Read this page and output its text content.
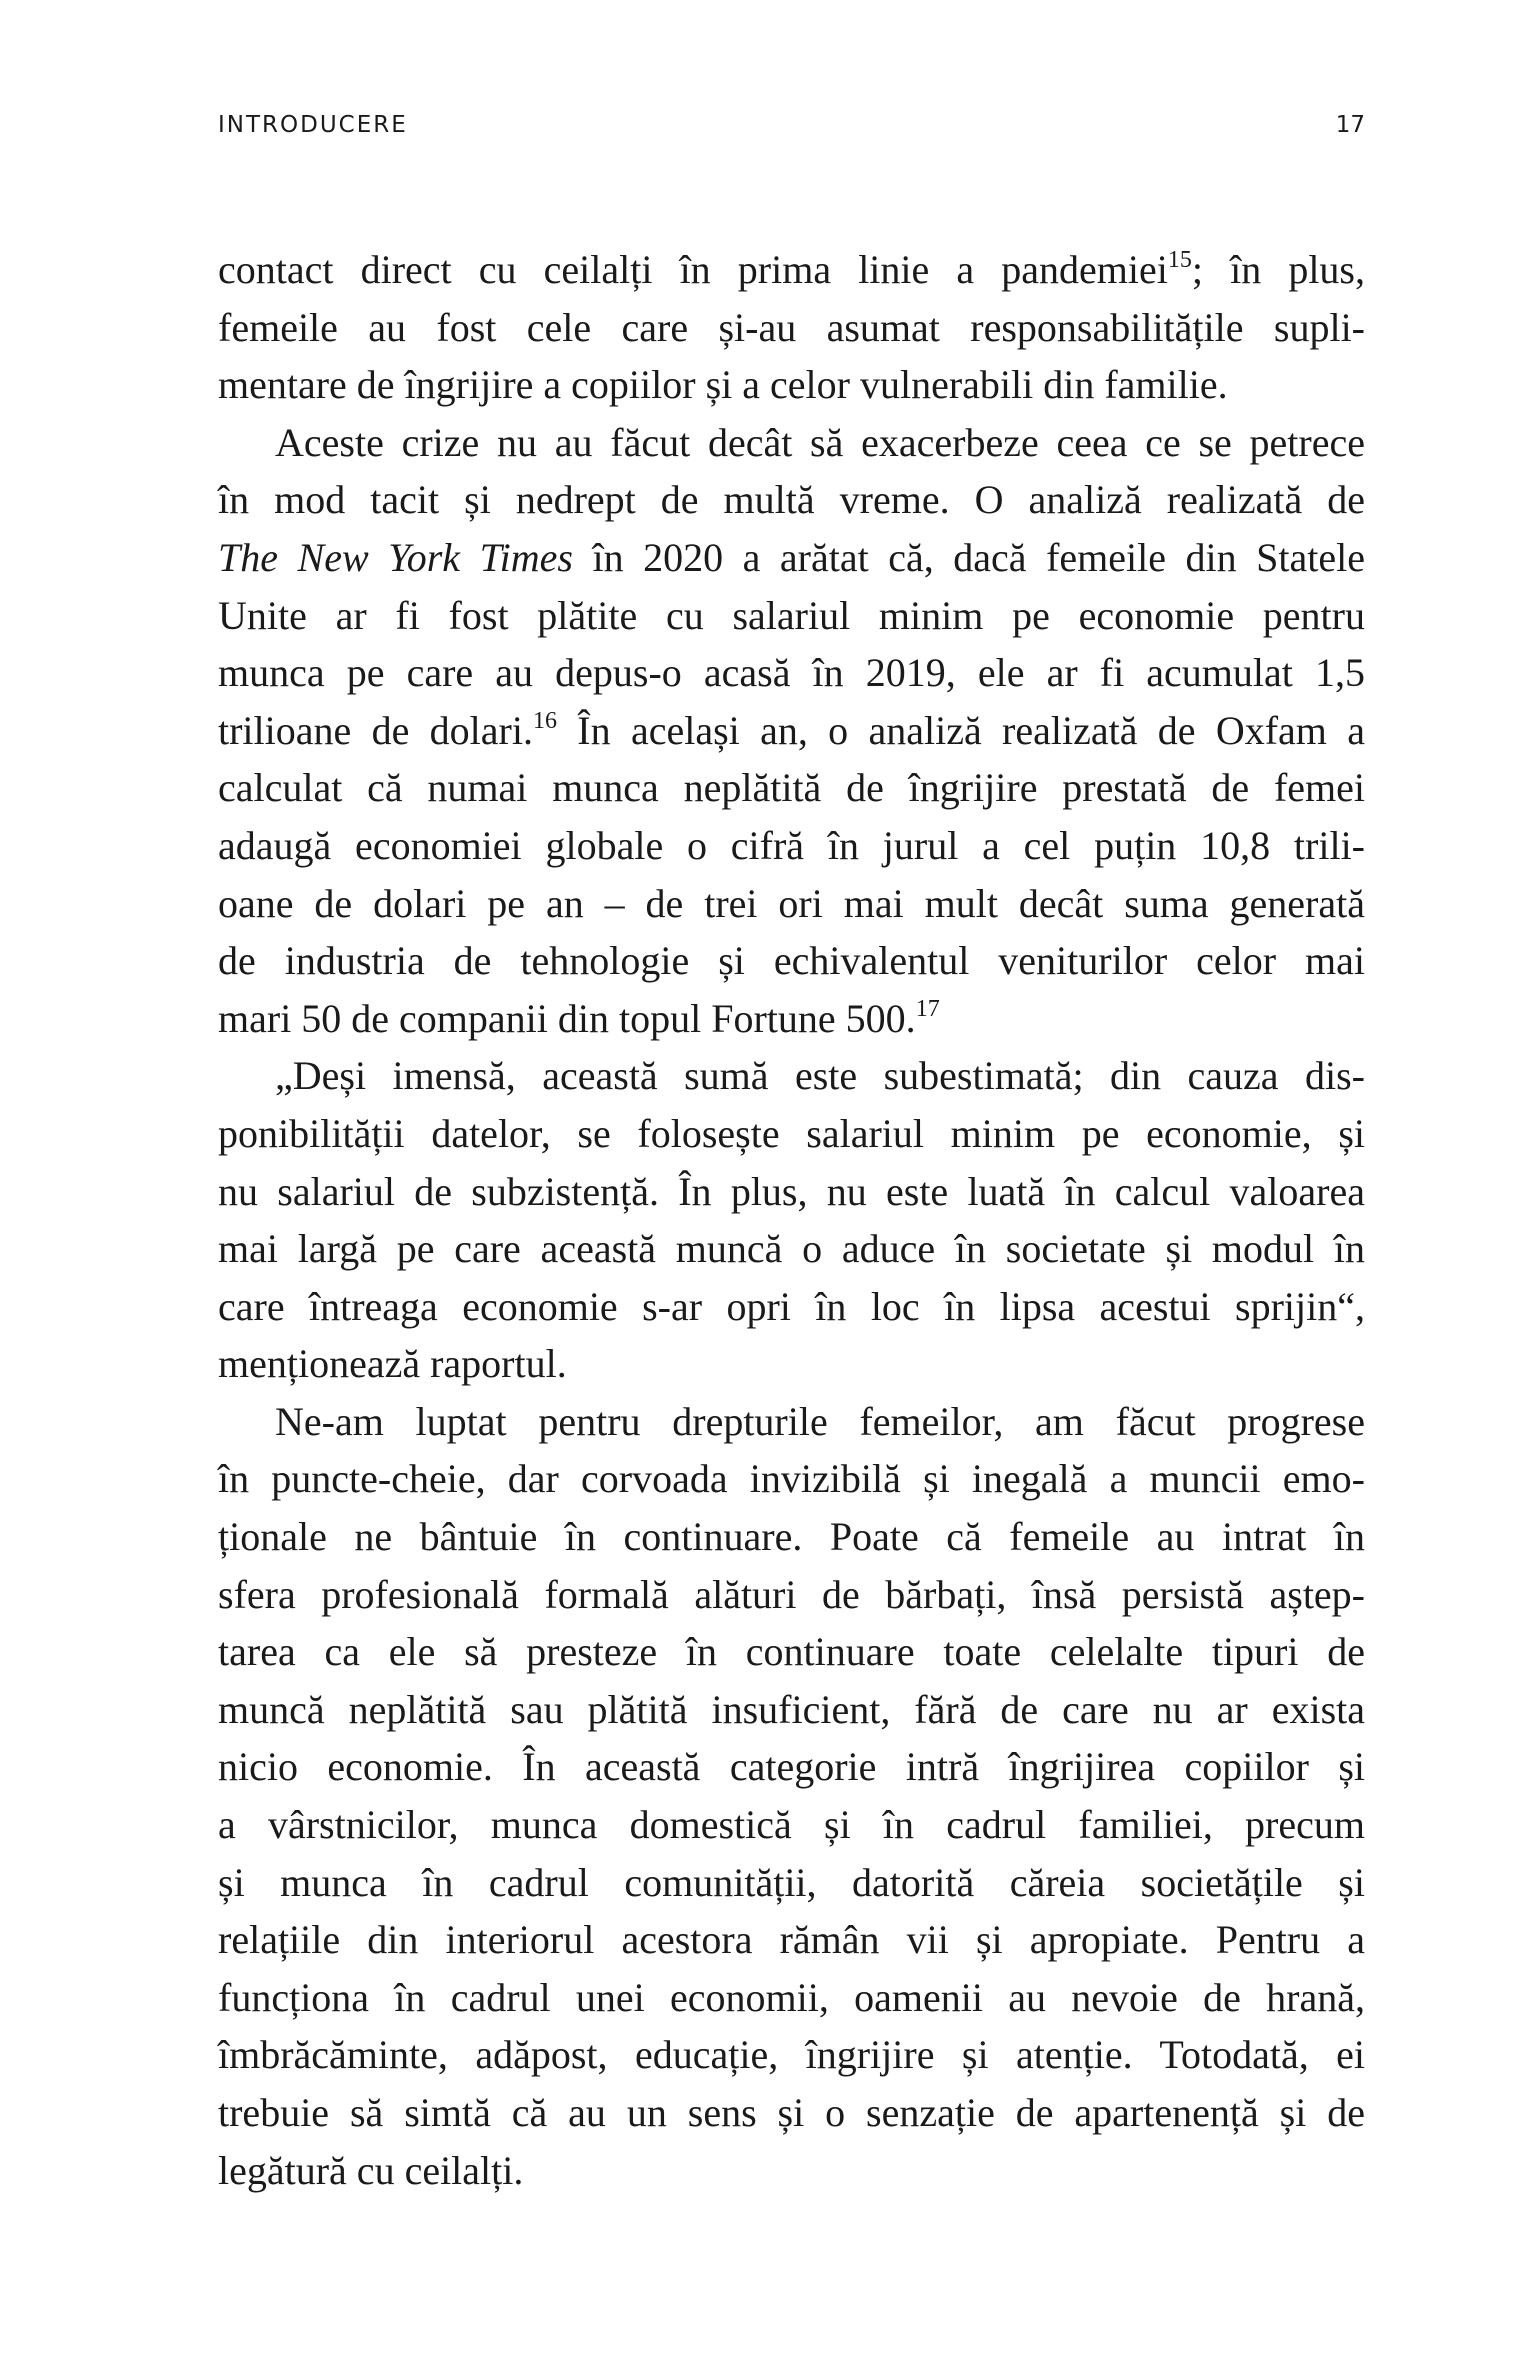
INTRODUCERE	17
contact direct cu ceilalți în prima linie a pandemiei$^{15}$; în plus,
femeile au fost cele care și-au asumat responsabilitățile supli-
mentare de îngrijire a copiilor și a celor vulnerabili din familie.
Aceste crize nu au făcut decât să exacerbeze ceea ce se petrece
în mod tacit și nedrept de multă vreme. O analiză realizată de
The New York Times în 2020 a arătat că, dacă femeile din Statele
Unite ar fi fost plătite cu salariul minim pe economie pentru
munca pe care au depus-o acasă în 2019, ele ar fi acumulat 1,5
trilioane de dolari.$^{16}$ În același an, o analiză realizată de Oxfam a
calculat că numai munca neplătită de îngrijire prestată de femei
adaugă economiei globale o cifră în jurul a cel puțin 10,8 trili-
oane de dolari pe an – de trei ori mai mult decât suma generată
de industria de tehnologie și echivalentul veniturilor celor mai
mari 50 de companii din topul Fortune 500.17
„Deși imensă, această sumă este subestimată; din cauza dis-
ponibilității datelor, se folosește salariul minim pe economie, și
nu salariul de subzistență. În plus, nu este luată în calcul valoarea
mai largă pe care această muncă o aduce în societate și modul în
care întreaga economie s-ar opri în loc în lipsa acestui sprijin“,
menționează raportul.
Ne-am luptat pentru drepturile femeilor, am făcut progrese
în puncte-cheie, dar corvoada invizibilă și inegală a muncii emo-
ționale ne bântuie în continuare. Poate că femeile au intrat în
sfera profesională formală alături de bărbați, însă persistă aștep-
tarea ca ele să presteze în continuare toate celelalte tipuri de
muncă neplătită sau plătită insuficient, fără de care nu ar exista
nicio economie. În această categorie intră îngrijirea copiilor și
a vârstnicilor, munca domestică și în cadrul familiei, precum
și munca în cadrul comunității, datorită căreia societățile și
relațiile din interiorul acestora rămân vii și apropiate. Pentru a
funcționa în cadrul unei economii, oamenii au nevoie de hrană,
îmbrăcăminte, adăpost, educație, îngrijire și atenție. Totodată, ei
trebuie să simtă că au un sens și o senzație de apartenență și de
legătură cu ceilalți.
